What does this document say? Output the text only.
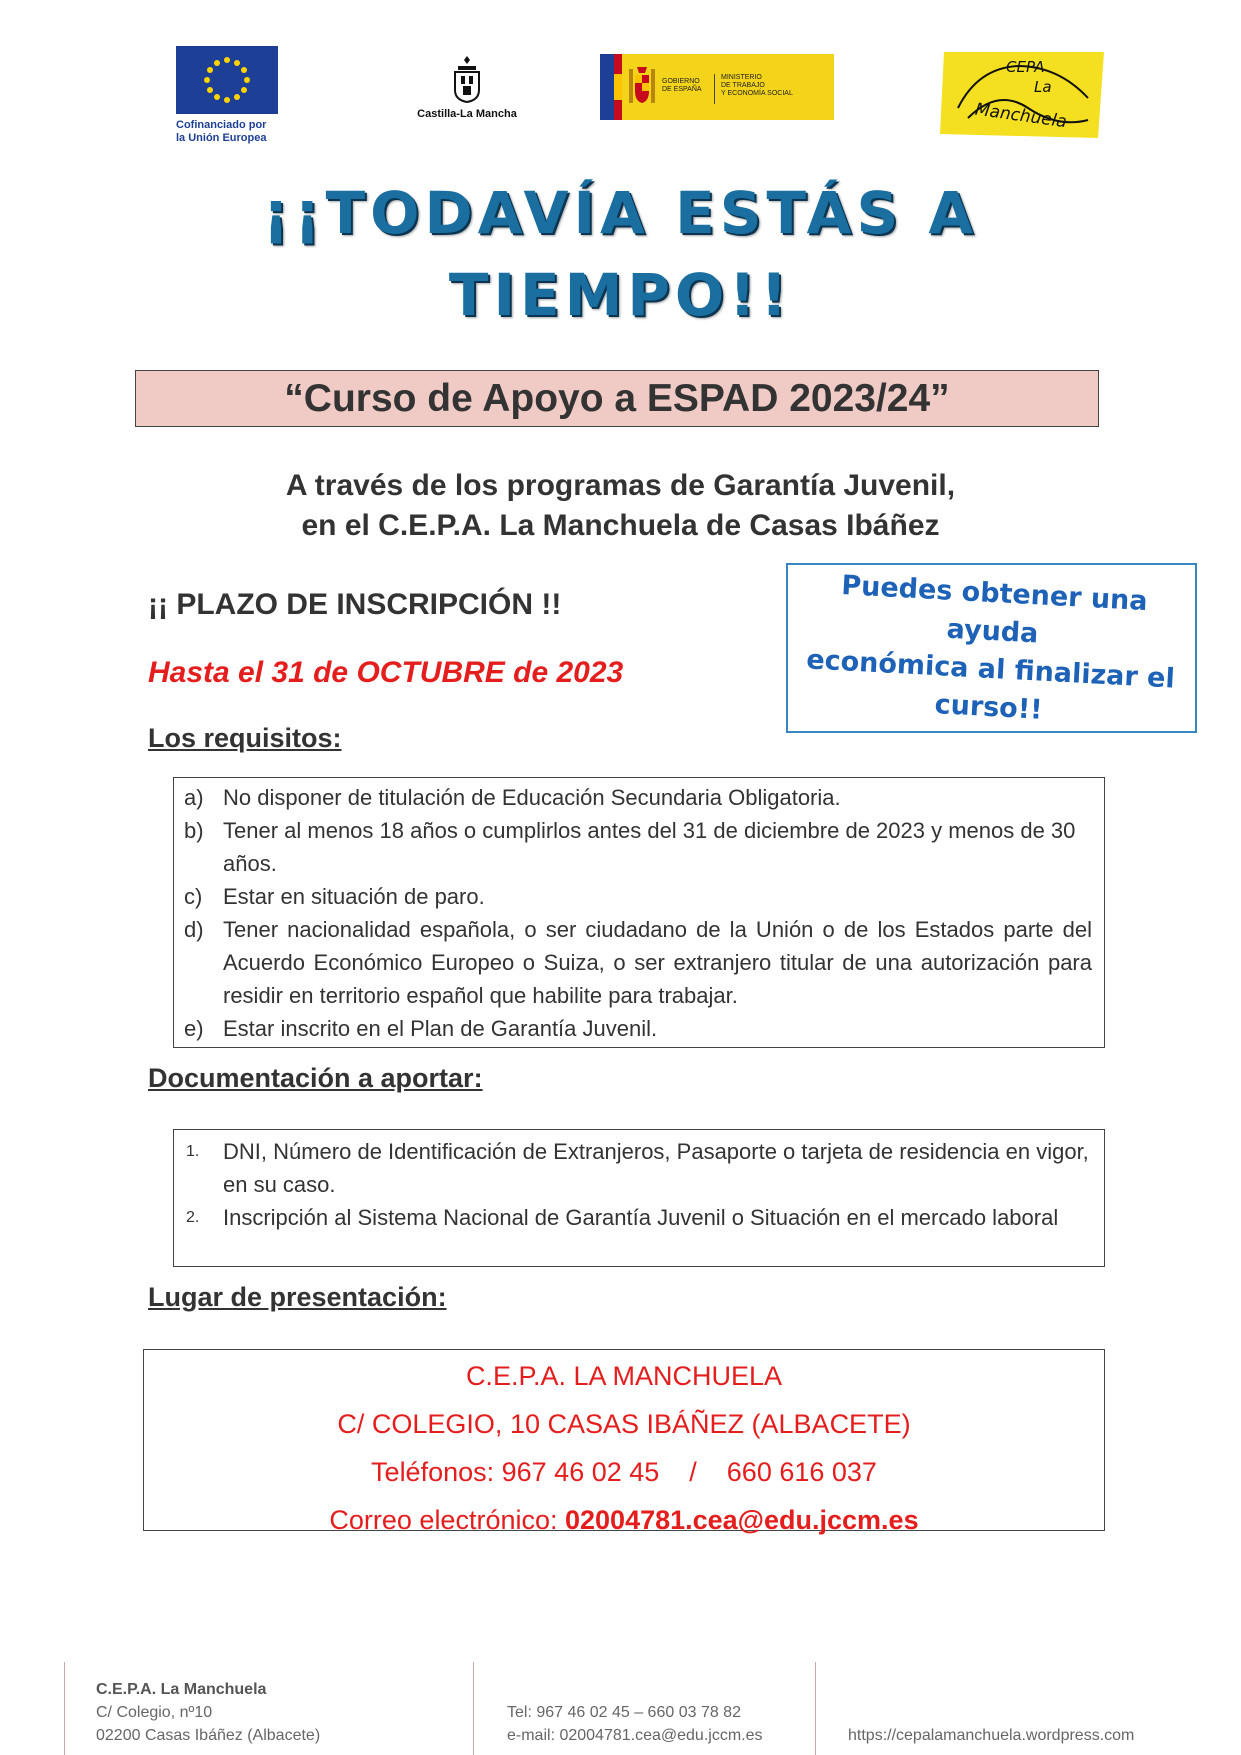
Cofinanciado por
la Unión Europea
Castilla-La Mancha
GOBIERNO
DE ESPAÑA
MINISTERIO
DE TRABAJO
Y ECONOMÍA SOCIAL
CEPA
La
Manchuela
¡¡TODAVÍA ESTÁS A
TIEMPO!!
“Curso de Apoyo a ESPAD 2023/24”
A través de los programas de Garantía Juvenil,
en el C.E.P.A. La Manchuela de Casas Ibáñez
¡¡ PLAZO DE INSCRIPCIÓN !!
Hasta el 31 de OCTUBRE de 2023
Puedes obtener una ayuda
económica al finalizar el
curso!!
Los requisitos:
a) No disponer de titulación de Educación Secundaria Obligatoria.
b) Tener al menos 18 años o cumplirlos antes del 31 de diciembre de 2023 y menos de 30 años.
c) Estar en situación de paro.
d) Tener nacionalidad española, o ser ciudadano de la Unión o de los Estados parte del Acuerdo Económico Europeo o Suiza, o ser extranjero titular de una autorización para residir en territorio español que habilite para trabajar.
e) Estar inscrito en el Plan de Garantía Juvenil.
Documentación a aportar:
1.	DNI, Número de Identificación de Extranjeros, Pasaporte o tarjeta de residencia en vigor, en su caso.
2.	Inscripción al Sistema Nacional de Garantía Juvenil o Situación en el mercado laboral
Lugar de presentación:
C.E.P.A. LA MANCHUELA
C/ COLEGIO, 10 CASAS IBÁÑEZ (ALBACETE)
Teléfonos: 967 46 02 45    /    660 616 037
Correo electrónico: 02004781.cea@edu.jccm.es
C.E.P.A. La Manchuela
C/ Colegio, nº10
02200 Casas Ibáñez (Albacete)
Tel: 967 46 02 45 – 660 03 78 82
e-mail: 02004781.cea@edu.jccm.es	https://cepalamanchuela.wordpress.com
